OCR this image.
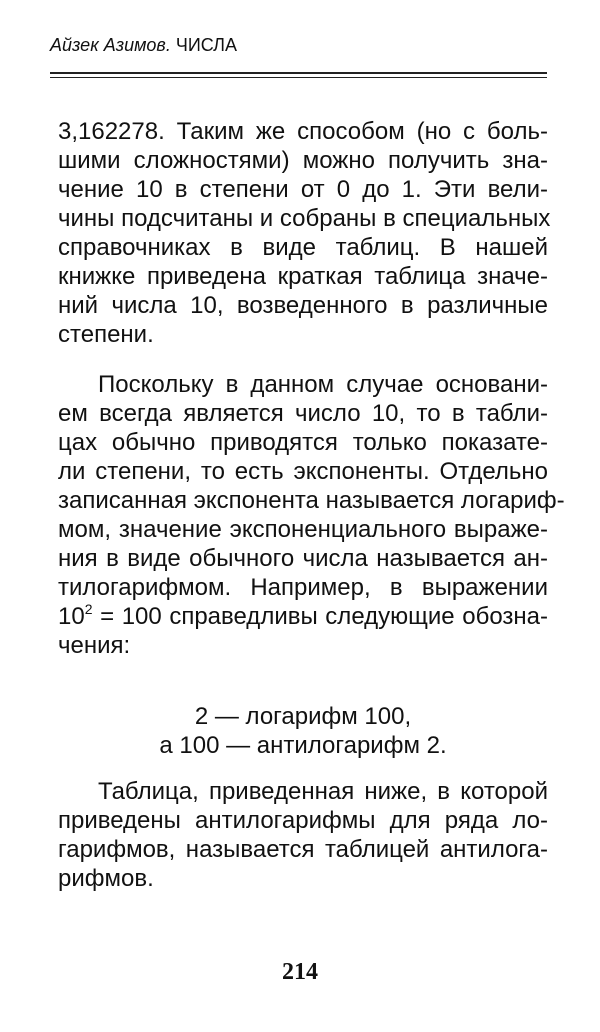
Айзек Азимов. ЧИСЛА
3,162278. Таким же способом (но с боль-
шими сложностями) можно получить зна-
чение 10 в степени от 0 до 1. Эти вели-
чины подсчитаны и собраны в специальных
справочниках в виде таблиц. В нашей
книжке приведена краткая таблица значе-
ний числа 10, возведенного в различные
степени.
Поскольку в данном случае основани-
ем всегда является число 10, то в табли-
цах обычно приводятся только показате-
ли степени, то есть экспоненты. Отдельно
записанная экспонента называется логариф-
мом, значение экспоненциального выраже-
ния в виде обычного числа называется ан-
тилогарифмом. Например, в выражении
$10^2 = 100$ справедливы следующие обозна-
чения:
2 — логарифм 100,
а 100 — антилогарифм 2.
Таблица, приведенная ниже, в которой
приведены антилогарифмы для ряда ло-
гарифмов, называется таблицей антилога-
рифмов.
214
